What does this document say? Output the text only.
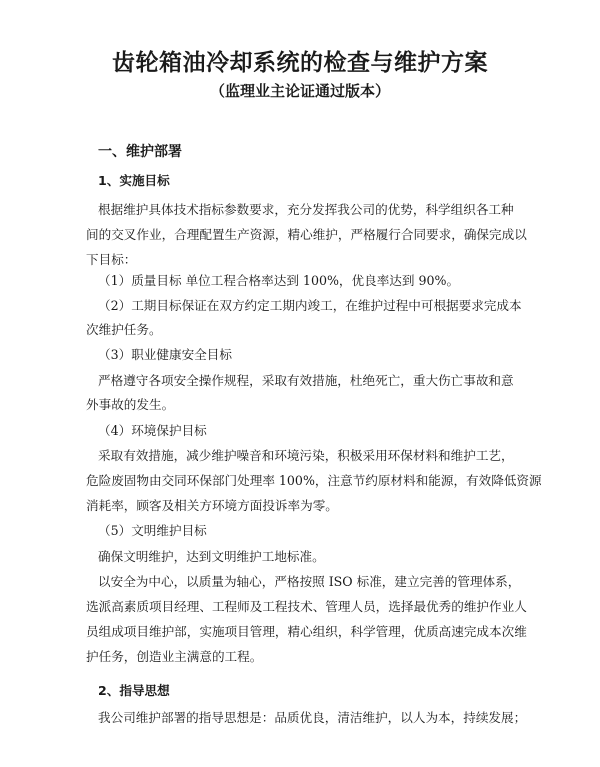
齿轮箱油冷却系统的检查与维护方案
（监理业主论证通过版本）
一、维护部署
1、实施目标
根据维护具体技术指标参数要求，充分发挥我公司的优势，科学组织各工种
间的交叉作业，合理配置生产资源，精心维护，严格履行合同要求，确保完成以
下目标：
（1）质量目标 单位工程合格率达到 100%，优良率达到 90%。
（2）工期目标保证在双方约定工期内竣工，在维护过程中可根据要求完成本
次维护任务。
（3）职业健康安全目标
严格遵守各项安全操作规程，采取有效措施，杜绝死亡，重大伤亡事故和意
外事故的发生。
（4）环境保护目标
采取有效措施，减少维护噪音和环境污染，积极采用环保材料和维护工艺，
危险废固物由交同环保部门处理率 100%，注意节约原材料和能源，有效降低资源
消耗率，顾客及相关方环境方面投诉率为零。
（5）文明维护目标
确保文明维护，达到文明维护工地标准。
以安全为中心，以质量为轴心，严格按照 ISO 标准，建立完善的管理体系，
选派高素质项目经理、工程师及工程技术、管理人员，选择最优秀的维护作业人
员组成项目维护部，实施项目管理，精心组织，科学管理，优质高速完成本次维
护任务，创造业主满意的工程。
2、指导思想
我公司维护部署的指导思想是：品质优良，清洁维护，以人为本，持续发展；
